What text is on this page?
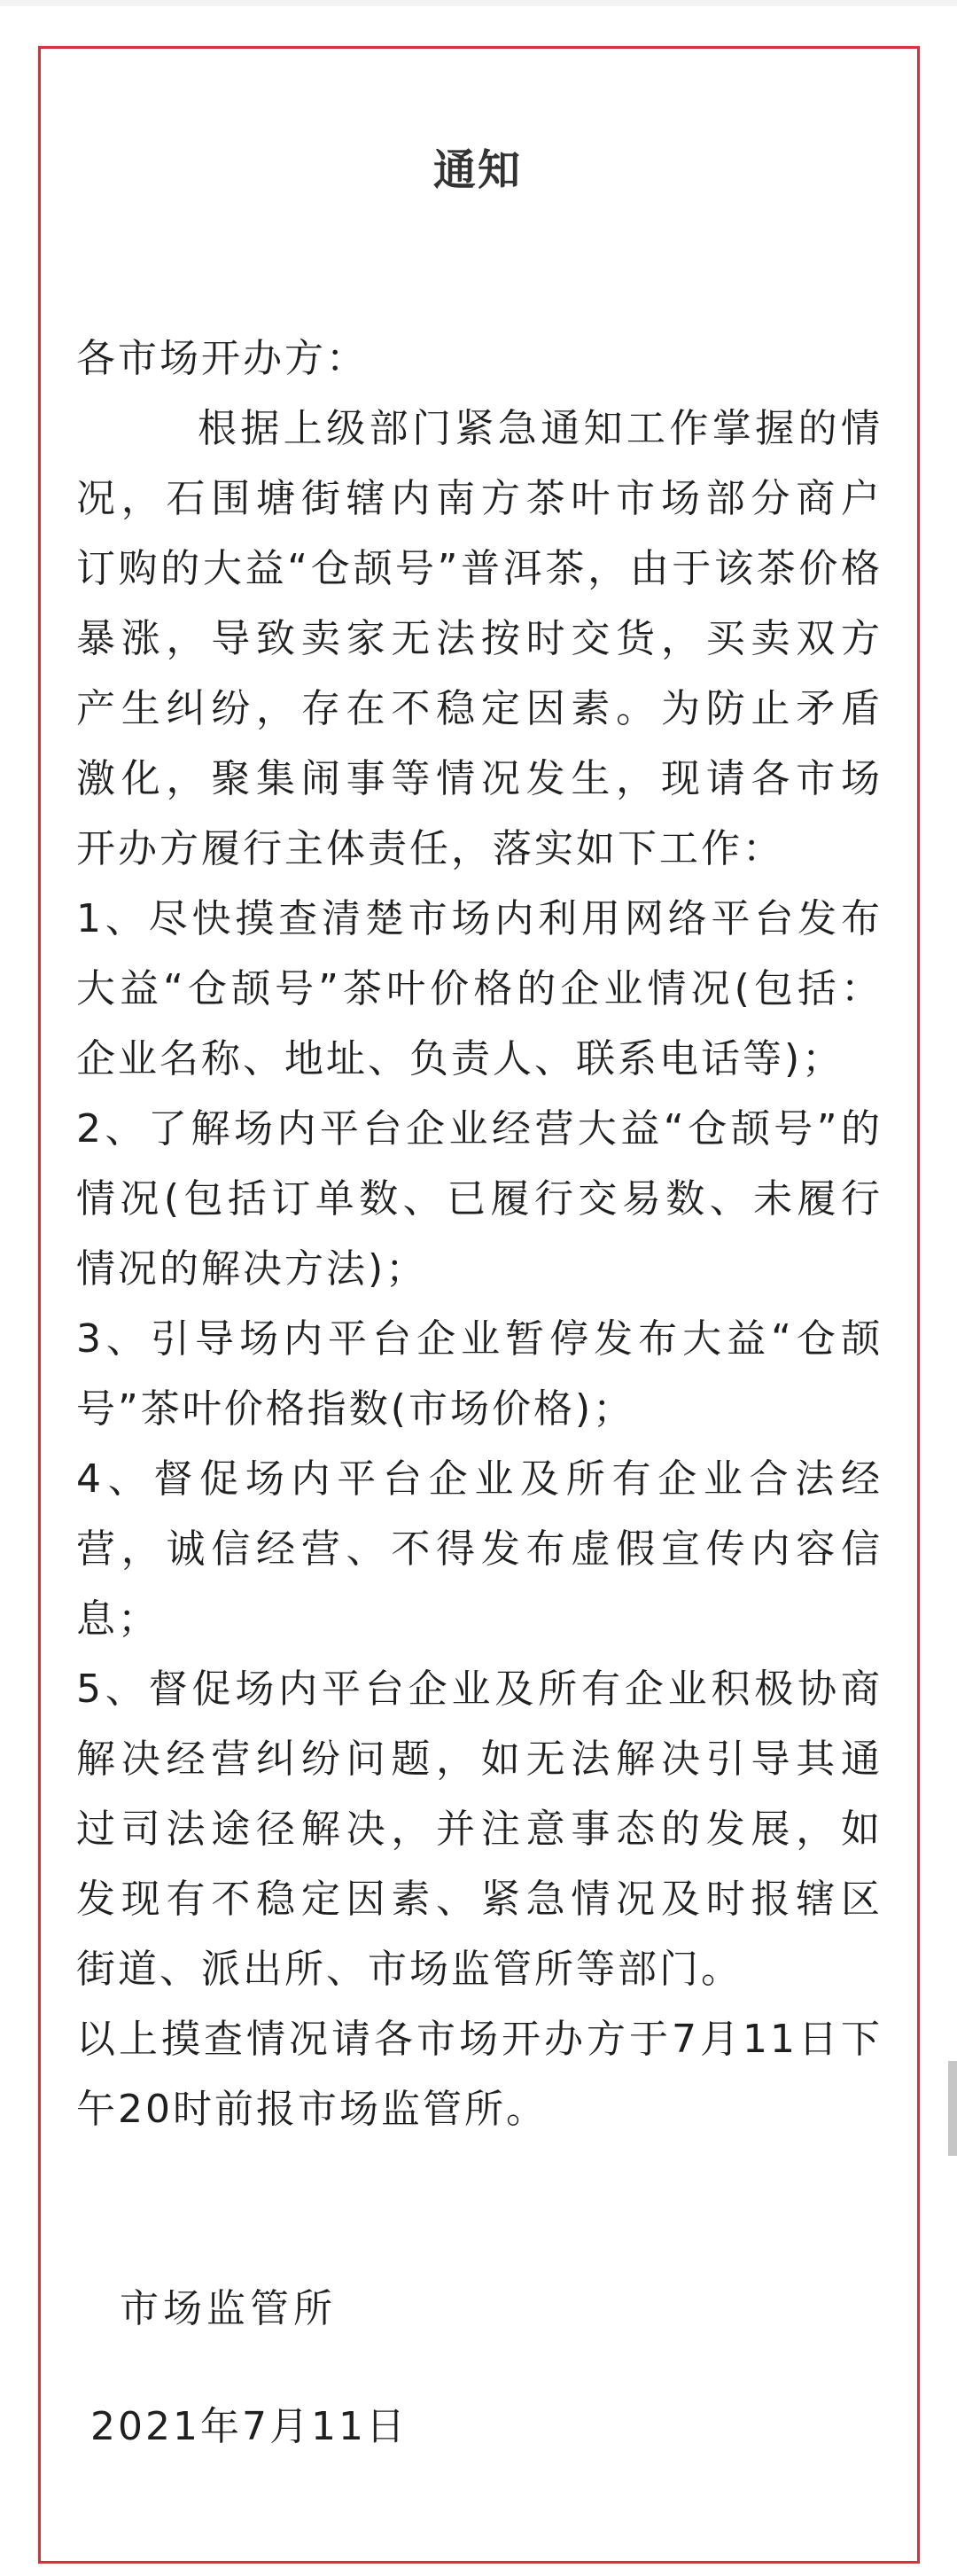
通知
各市场开办方：
根据上级部门紧急通知工作掌握的情
况，石围塘街辖内南方茶叶市场部分商户
订购的大益“仓颉号”普洱茶，由于该茶价格
暴涨，导致卖家无法按时交货，买卖双方
产生纠纷，存在不稳定因素。为防止矛盾
激化，聚集闹事等情况发生，现请各市场
开办方履行主体责任，落实如下工作：
1、尽快摸查清楚市场内利用网络平台发布
大益“仓颉号”茶叶价格的企业情况(包括：
企业名称、地址、负责人、联系电话等)；
2、了解场内平台企业经营大益“仓颉号”的
情况(包括订单数、已履行交易数、未履行
情况的解决方法)；
3、引导场内平台企业暂停发布大益“仓颉
号”茶叶价格指数(市场价格)；
4、督促场内平台企业及所有企业合法经
营，诚信经营、不得发布虚假宣传内容信
息；
5、督促场内平台企业及所有企业积极协商
解决经营纠纷问题，如无法解决引导其通
过司法途径解决，并注意事态的发展，如
发现有不稳定因素、紧急情况及时报辖区
街道、派出所、市场监管所等部门。
以上摸查情况请各市场开办方于7月11日下
午20时前报市场监管所。
市场监管所
2021年7月11日
